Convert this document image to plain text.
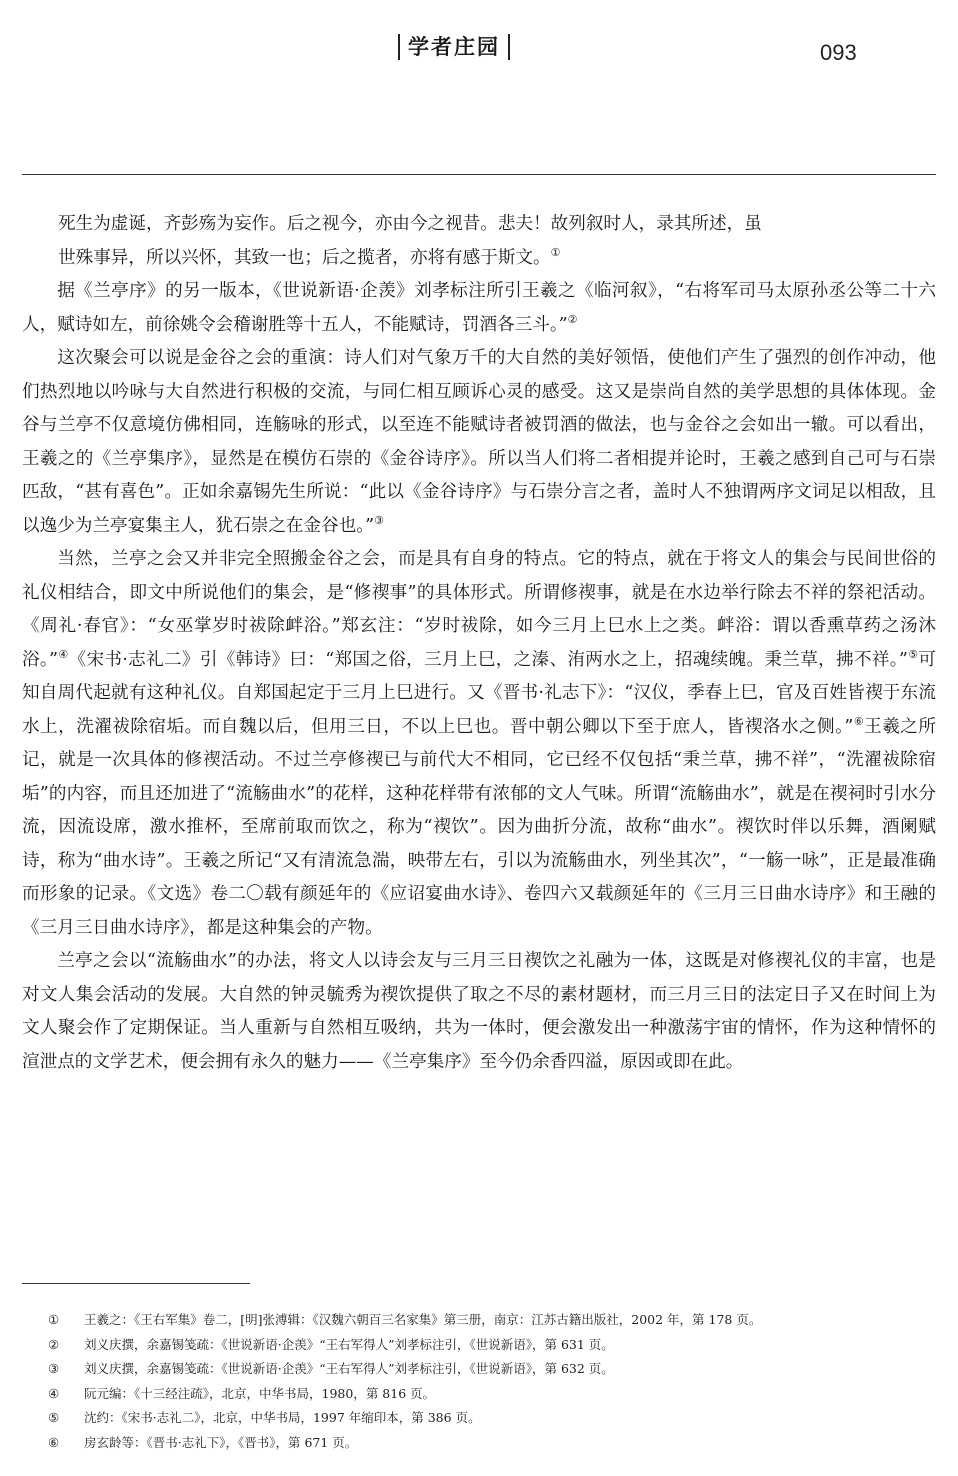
学者庄园	093

死生为虚诞，齐彭殇为妄作。后之视今，亦由今之视昔。悲夫！故列叙时人，录其所述，虽

世殊事异，所以兴怀，其致一也；后之揽者，亦将有感于斯文。①

据《兰亭序》的另一版本，《世说新语·企羡》刘孝标注所引王羲之《临河叙》，“右将军司马太原孙丞公等二十六人，赋诗如左，前徐姚令会稽谢胜等十五人，不能赋诗，罚酒各三斗。”②

这次聚会可以说是金谷之会的重演：诗人们对气象万千的大自然的美好领悟，使他们产生了强烈的创作冲动，他们热烈地以吟咏与大自然进行积极的交流，与同仁相互顾诉心灵的感受。这又是崇尚自然的美学思想的具体体现。金谷与兰亭不仅意境仿佛相同，连觞咏的形式，以至连不能赋诗者被罚酒的做法，也与金谷之会如出一辙。可以看出，王羲之的《兰亭集序》，显然是在模仿石崇的《金谷诗序》。所以当人们将二者相提并论时，王羲之感到自己可与石崇匹敌，“甚有喜色”。正如余嘉锡先生所说：“此以《金谷诗序》与石崇分言之者，盖时人不独谓两序文词足以相敌，且以逸少为兰亭宴集主人，犹石崇之在金谷也。”③

当然，兰亭之会又并非完全照搬金谷之会，而是具有自身的特点。它的特点，就在于将文人的集会与民间世俗的礼仪相结合，即文中所说他们的集会，是“修禊事”的具体形式。所谓修禊事，就是在水边举行除去不祥的祭祀活动。《周礼·春官》：“女巫掌岁时祓除衅浴。”郑玄注：“岁时祓除，如今三月上巳水上之类。衅浴：谓以香熏草药之汤沐浴。”④《宋书·志礼二》引《韩诗》曰：“郑国之俗，三月上巳，之溱、洧两水之上，招魂续魄。秉兰草，拂不祥。”⑤可知自周代起就有这种礼仪。自郑国起定于三月上巳进行。又《晋书·礼志下》：“汉仪，季春上巳，官及百姓皆禊于东流水上，洗濯祓除宿垢。而自魏以后，但用三日，不以上巳也。晋中朝公卿以下至于庶人，皆禊洛水之侧。”⑥王羲之所记，就是一次具体的修禊活动。不过兰亭修禊已与前代大不相同，它已经不仅包括“秉兰草，拂不祥”，“洗濯祓除宿垢”的内容，而且还加进了“流觞曲水”的花样，这种花样带有浓郁的文人气味。所谓“流觞曲水”，就是在禊祠时引水分流，因流设席，激水推杯，至席前取而饮之，称为“禊饮”。因为曲折分流，故称“曲水”。禊饮时伴以乐舞，酒阑赋诗，称为“曲水诗”。王羲之所记“又有清流急湍，映带左右，引以为流觞曲水，列坐其次”，“一觞一咏”，正是最准确而形象的记录。《文选》卷二〇载有颜延年的《应诏宴曲水诗》、卷四六又载颜延年的《三月三日曲水诗序》和王融的《三月三日曲水诗序》，都是这种集会的产物。

兰亭之会以“流觞曲水”的办法，将文人以诗会友与三月三日禊饮之礼融为一体，这既是对修禊礼仪的丰富，也是对文人集会活动的发展。大自然的钟灵毓秀为禊饮提供了取之不尽的素材题材，而三月三日的法定日子又在时间上为文人聚会作了定期保证。当人重新与自然相互吸纳，共为一体时，便会激发出一种激荡宇宙的情怀，作为这种情怀的渲泄点的文学艺术，便会拥有永久的魅力——《兰亭集序》至今仍余香四溢，原因或即在此。

①	王羲之：《王右军集》卷二，[明]张溥辑：《汉魏六朝百三名家集》第三册，南京：江苏古籍出版社，2002 年，第 178 页。
②	刘义庆撰，余嘉锡笺疏：《世说新语·企羡》“王右军得人”刘孝标注引，《世说新语》，第 631 页。
③	刘义庆撰，余嘉锡笺疏：《世说新语·企羡》“王右军得人”刘孝标注引，《世说新语》，第 632 页。
④	阮元编：《十三经注疏》，北京，中华书局，1980，第 816 页。
⑤	沈约：《宋书·志礼二》，北京，中华书局，1997 年缩印本，第 386 页。
⑥	房玄龄等：《晋书·志礼下》，《晋书》，第 671 页。
